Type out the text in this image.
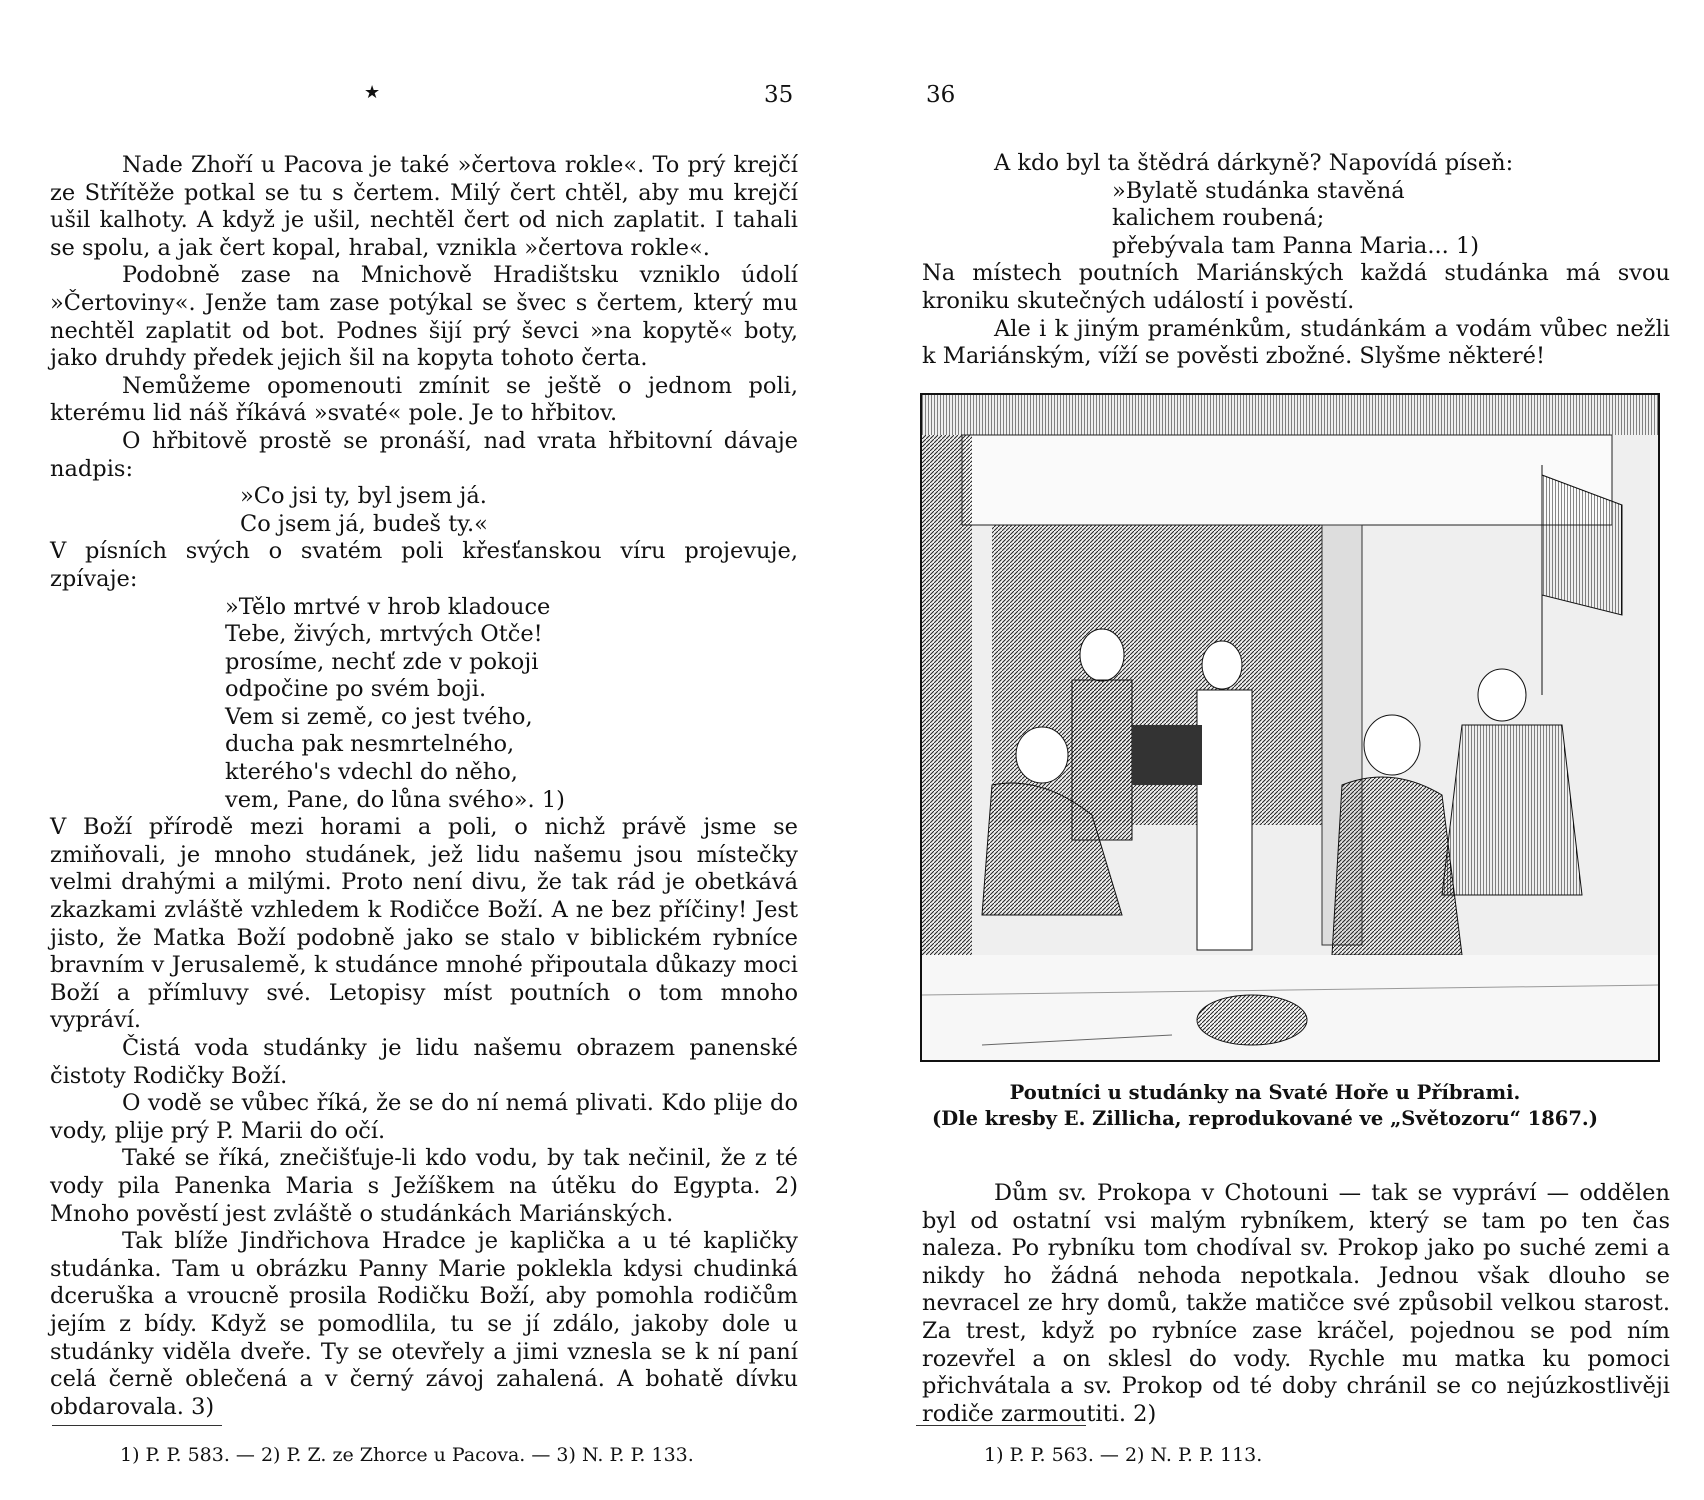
★	35

Nade Zhoří u Pacova je také »čertova rokle«. To prý krejčí ze Střítěže potkal se tu s čertem. Milý čert chtěl, aby mu krejčí ušil kalhoty. A když je ušil, nechtěl čert od nich zaplatit. I tahali se spolu, a jak čert kopal, hrabal, vznikla »čertova rokle«.

Podobně zase na Mnichově Hradištsku vzniklo údolí »Čertoviny«. Jenže tam zase potýkal se švec s čertem, který mu nechtěl zaplatit od bot. Podnes šijí prý ševci »na kopytě« boty, jako druhdy předek jejich šil na kopyta tohoto čerta.

Nemůžeme opomenouti zmínit se ještě o jednom poli, kterému lid náš říkává »svaté« pole. Je to hřbitov.

O hřbitově prostě se pronáší, nad vrata hřbitovní dávaje nadpis:

»Co jsi ty, byl jsem já.

Co jsem já, budeš ty.«

V písních svých o svatém poli křesťanskou víru projevuje, zpívaje:

»Tělo mrtvé v hrob kladouce

Tebe, živých, mrtvých Otče!

prosíme, nechť zde v pokoji

odpočine po svém boji.

Vem si země, co jest tvého,

ducha pak nesmrtelného,

kterého's vdechl do něho,

vem, Pane, do lůna svého». 1)

V Boží přírodě mezi horami a poli, o nichž právě jsme se zmiňovali, je mnoho studánek, jež lidu našemu jsou místečky velmi drahými a milými. Proto není divu, že tak rád je obetkává zkazkami zvláště vzhledem k Rodičce Boží. A ne bez příčiny! Jest jisto, že Matka Boží podobně jako se stalo v biblickém rybníce bravním v Jerusalemě, k studánce mnohé připoutala důkazy moci Boží a přímluvy své. Letopisy míst poutních o tom mnoho vypráví.

Čistá voda studánky je lidu našemu obrazem panenské čistoty Rodičky Boží.

O vodě se vůbec říká, že se do ní nemá plivati. Kdo plije do vody, plije prý P. Marii do očí.

Také se říká, znečišťuje-li kdo vodu, by tak nečinil, že z té vody pila Panenka Maria s Ježíškem na útěku do Egypta. 2) Mnoho pověstí jest zvláště o studánkách Mariánských.

Tak blíže Jindřichova Hradce je kaplička a u té kapličky studánka. Tam u obrázku Panny Marie poklekla kdysi chudinká dceruška a vroucně prosila Rodičku Boží, aby pomohla rodičům jejím z bídy. Když se pomodlila, tu se jí zdálo, jakoby dole u studánky viděla dveře. Ty se otevřely a jimi vznesla se k ní paní celá černě oblečená a v černý závoj zahalená. A bohatě dívku obdarovala. 3)

1) P. P. 583. — 2) P. Z. ze Zhorce u Pacova. — 3) N. P. P. 133.
36

A kdo byl ta štědrá dárkyně? Napovídá píseň:

»Bylatě studánka stavěná

kalichem roubená;

přebývala tam Panna Maria... 1)

Na místech poutních Mariánských každá studánka má svou kroniku skutečných událostí i pověstí.

Ale i k jiným praménkům, studánkám a vodám vůbec nežli k Mariánským, víží se pověsti zbožné. Slyšme některé!

Dům sv. Prokopa v Chotouni — tak se vypráví — oddělen byl od ostatní vsi malým rybníkem, který se tam po ten čas naleza. Po rybníku tom chodíval sv. Prokop jako po suché zemi a nikdy ho žádná nehoda nepotkala. Jednou však dlouho se nevracel ze hry domů, takže matičce své způsobil velkou starost. Za trest, když po rybníce zase kráčel, pojednou se pod ním rozevřel a on sklesl do vody. Rychle mu matka ku pomoci přichvátala a sv. Prokop od té doby chránil se co nejúzkostlivěji rodiče zarmoutiti. 2)

1) P. P. 563. — 2) N. P. P. 113.
Poutníci u studánky na Svaté Hoře u Příbrami.
(Dle kresby E. Zillicha, reprodukované ve „Světozoru“ 1867.)
